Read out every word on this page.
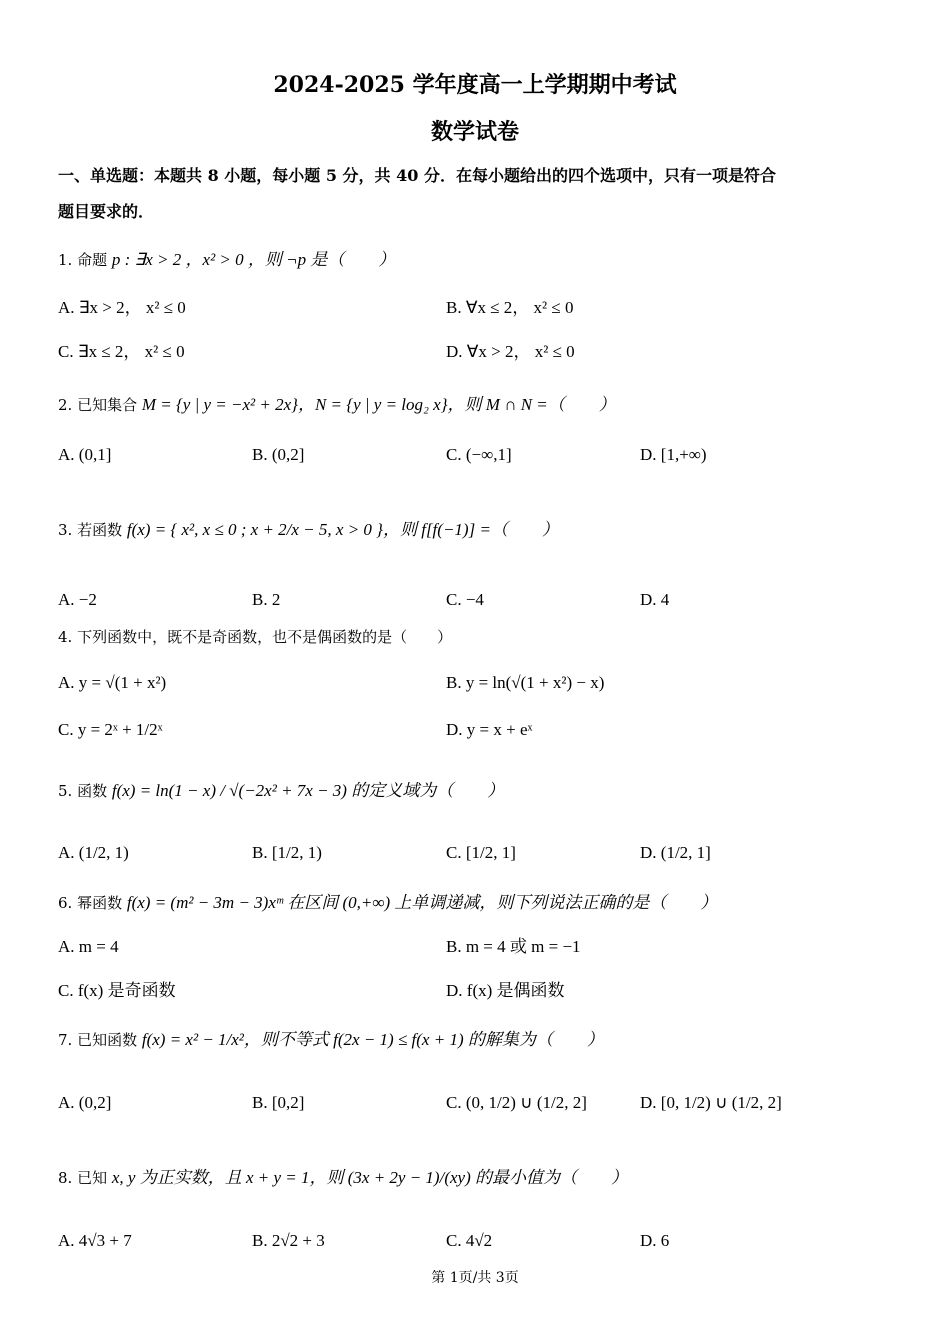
2024-2025 学年度高一上学期期中考试
数学试卷
一、单选题：本题共 8 小题，每小题 5 分，共 40 分．在每小题给出的四个选项中，只有一项是符合
题目要求的．
1. 命题 p : ∃x > 2 ，x² > 0 ，则 ¬p 是（　　）
A. ∃x > 2， x² ≤ 0	B. ∀x ≤ 2， x² ≤ 0
C. ∃x ≤ 2， x² ≤ 0	D. ∀x > 2， x² ≤ 0
2. 已知集合 M = {y | y = −x² + 2x}，N = {y | y = log₂ x}，则 M ∩ N =（　　）
A. (0,1]	B. (0,2]	C. (−∞,1]	D. [1,+∞)
3. 若函数 f(x) = { x², x ≤ 0 ; x + 2/x − 5, x > 0 }，则 f[f(−1)] =（　　）
A. −2	B. 2	C. −4	D. 4
4. 下列函数中，既不是奇函数，也不是偶函数的是（　　）
A. y = √(1 + x²)	B. y = ln(√(1 + x²) − x)
C. y = 2ˣ + 1/2ˣ	D. y = x + eˣ
5. 函数 f(x) = ln(1 − x) / √(−2x² + 7x − 3) 的定义域为（　　）
A. (1/2, 1)	B. [1/2, 1)	C. [1/2, 1]	D. (1/2, 1]
6. 幂函数 f(x) = (m² − 3m − 3)xᵐ 在区间 (0,+∞) 上单调递减，则下列说法正确的是（　　）
A. m = 4	B. m = 4 或 m = −1
C. f(x) 是奇函数	D. f(x) 是偶函数
7. 已知函数 f(x) = x² − 1/x²，则不等式 f(2x − 1) ≤ f(x + 1) 的解集为（　　）
A. (0,2]	B. [0,2]	C. (0, 1/2) ∪ (1/2, 2]	D. [0, 1/2) ∪ (1/2, 2]
8. 已知 x, y 为正实数，且 x + y = 1，则 (3x + 2y − 1)/(xy) 的最小值为（　　）
A. 4√3 + 7	B. 2√2 + 3	C. 4√2	D. 6
第 1页/共 3页
